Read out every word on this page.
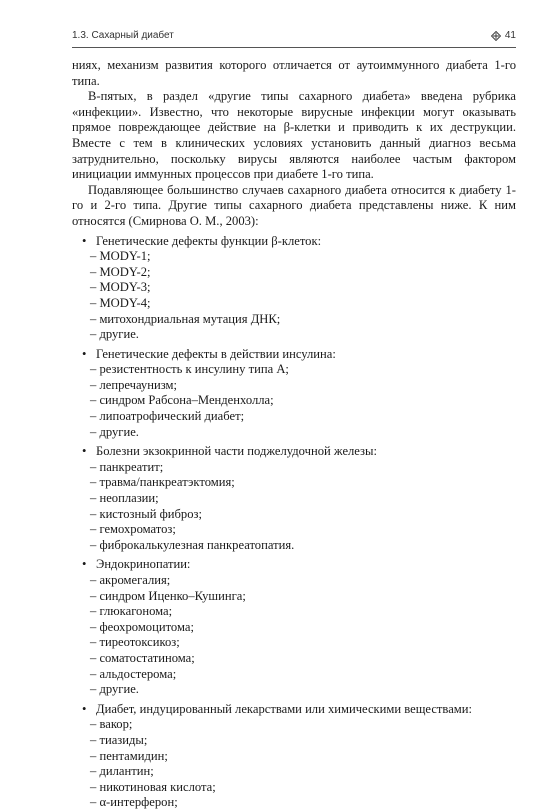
1.3. Сахарный диабет	41

ниях, механизм развития которого отличается от аутоиммунного диабета 1-го типа.

В-пятых, в раздел «другие типы сахарного диабета» введена рубрика «инфекции». Известно, что некоторые вирусные инфекции могут оказывать прямое повреждающее действие на β-клетки и приводить к их деструкции. Вместе с тем в клинических условиях установить данный диагноз весьма затруднительно, поскольку вирусы являются наиболее частым фактором инициации иммунных процессов при диабете 1-го типа.

Подавляющее большинство случаев сахарного диабета относится к диабету 1-го и 2-го типа. Другие типы сахарного диабета представлены ниже. К ним относятся (Смирнова О. М., 2003):

• Генетические дефекты функции β-клеток:
– MODY-1;
– MODY-2;
– MODY-3;
– MODY-4;
– митохондриальная мутация ДНК;
– другие.
• Генетические дефекты в действии инсулина:
– резистентность к инсулину типа А;
– лепречаунизм;
– синдром Рабсона–Менденхолла;
– липоатрофический диабет;
– другие.
• Болезни экзокринной части поджелудочной железы:
– панкреатит;
– травма/панкреатэктомия;
– неоплазии;
– кистозный фиброз;
– гемохроматоз;
– фиброкалькулезная панкреатопатия.
• Эндокринопатии:
– акромегалия;
– синдром Иценко–Кушинга;
– глюкагонома;
– феохромоцитома;
– тиреотоксикоз;
– соматостатинома;
– альдостерома;
– другие.
• Диабет, индуцированный лекарствами или химическими веществами:
– вакор;
– тиазиды;
– пентамидин;
– дилантин;
– никотиновая кислота;
– α-интерферон;
